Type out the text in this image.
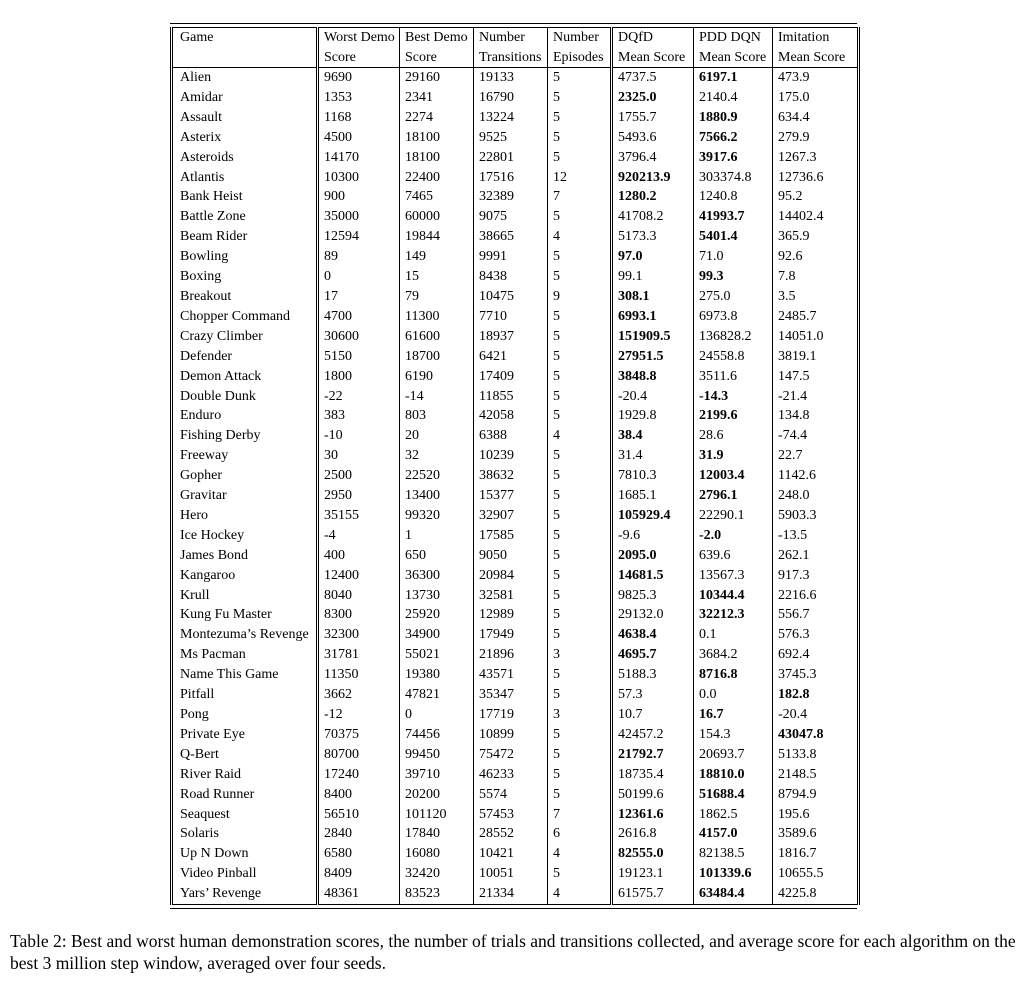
Game	Worst Demo	Best Demo	Number	Number	DQfD	PDD DQN	Imitation
	Score	Score	Transitions	Episodes	Mean Score	Mean Score	Mean Score
Alien	9690	29160	19133	5	4737.5	6197.1	473.9
Amidar	1353	2341	16790	5	2325.0	2140.4	175.0
Assault	1168	2274	13224	5	1755.7	1880.9	634.4
Asterix	4500	18100	9525	5	5493.6	7566.2	279.9
Asteroids	14170	18100	22801	5	3796.4	3917.6	1267.3
Atlantis	10300	22400	17516	12	920213.9	303374.8	12736.6
Bank Heist	900	7465	32389	7	1280.2	1240.8	95.2
Battle Zone	35000	60000	9075	5	41708.2	41993.7	14402.4
Beam Rider	12594	19844	38665	4	5173.3	5401.4	365.9
Bowling	89	149	9991	5	97.0	71.0	92.6
Boxing	0	15	8438	5	99.1	99.3	7.8
Breakout	17	79	10475	9	308.1	275.0	3.5
Chopper Command	4700	11300	7710	5	6993.1	6973.8	2485.7
Crazy Climber	30600	61600	18937	5	151909.5	136828.2	14051.0
Defender	5150	18700	6421	5	27951.5	24558.8	3819.1
Demon Attack	1800	6190	17409	5	3848.8	3511.6	147.5
Double Dunk	-22	-14	11855	5	-20.4	-14.3	-21.4
Enduro	383	803	42058	5	1929.8	2199.6	134.8
Fishing Derby	-10	20	6388	4	38.4	28.6	-74.4
Freeway	30	32	10239	5	31.4	31.9	22.7
Gopher	2500	22520	38632	5	7810.3	12003.4	1142.6
Gravitar	2950	13400	15377	5	1685.1	2796.1	248.0
Hero	35155	99320	32907	5	105929.4	22290.1	5903.3
Ice Hockey	-4	1	17585	5	-9.6	-2.0	-13.5
James Bond	400	650	9050	5	2095.0	639.6	262.1
Kangaroo	12400	36300	20984	5	14681.5	13567.3	917.3
Krull	8040	13730	32581	5	9825.3	10344.4	2216.6
Kung Fu Master	8300	25920	12989	5	29132.0	32212.3	556.7
Montezuma’s Revenge	32300	34900	17949	5	4638.4	0.1	576.3
Ms Pacman	31781	55021	21896	3	4695.7	3684.2	692.4
Name This Game	11350	19380	43571	5	5188.3	8716.8	3745.3
Pitfall	3662	47821	35347	5	57.3	0.0	182.8
Pong	-12	0	17719	3	10.7	16.7	-20.4
Private Eye	70375	74456	10899	5	42457.2	154.3	43047.8
Q-Bert	80700	99450	75472	5	21792.7	20693.7	5133.8
River Raid	17240	39710	46233	5	18735.4	18810.0	2148.5
Road Runner	8400	20200	5574	5	50199.6	51688.4	8794.9
Seaquest	56510	101120	57453	7	12361.6	1862.5	195.6
Solaris	2840	17840	28552	6	2616.8	4157.0	3589.6
Up N Down	6580	16080	10421	4	82555.0	82138.5	1816.7
Video Pinball	8409	32420	10051	5	19123.1	101339.6	10655.5
Yars’ Revenge	48361	83523	21334	4	61575.7	63484.4	4225.8
Table 2: Best and worst human demonstration scores, the number of trials and transitions collected, and average score for each algorithm on the best 3 million step window, averaged over four seeds.
